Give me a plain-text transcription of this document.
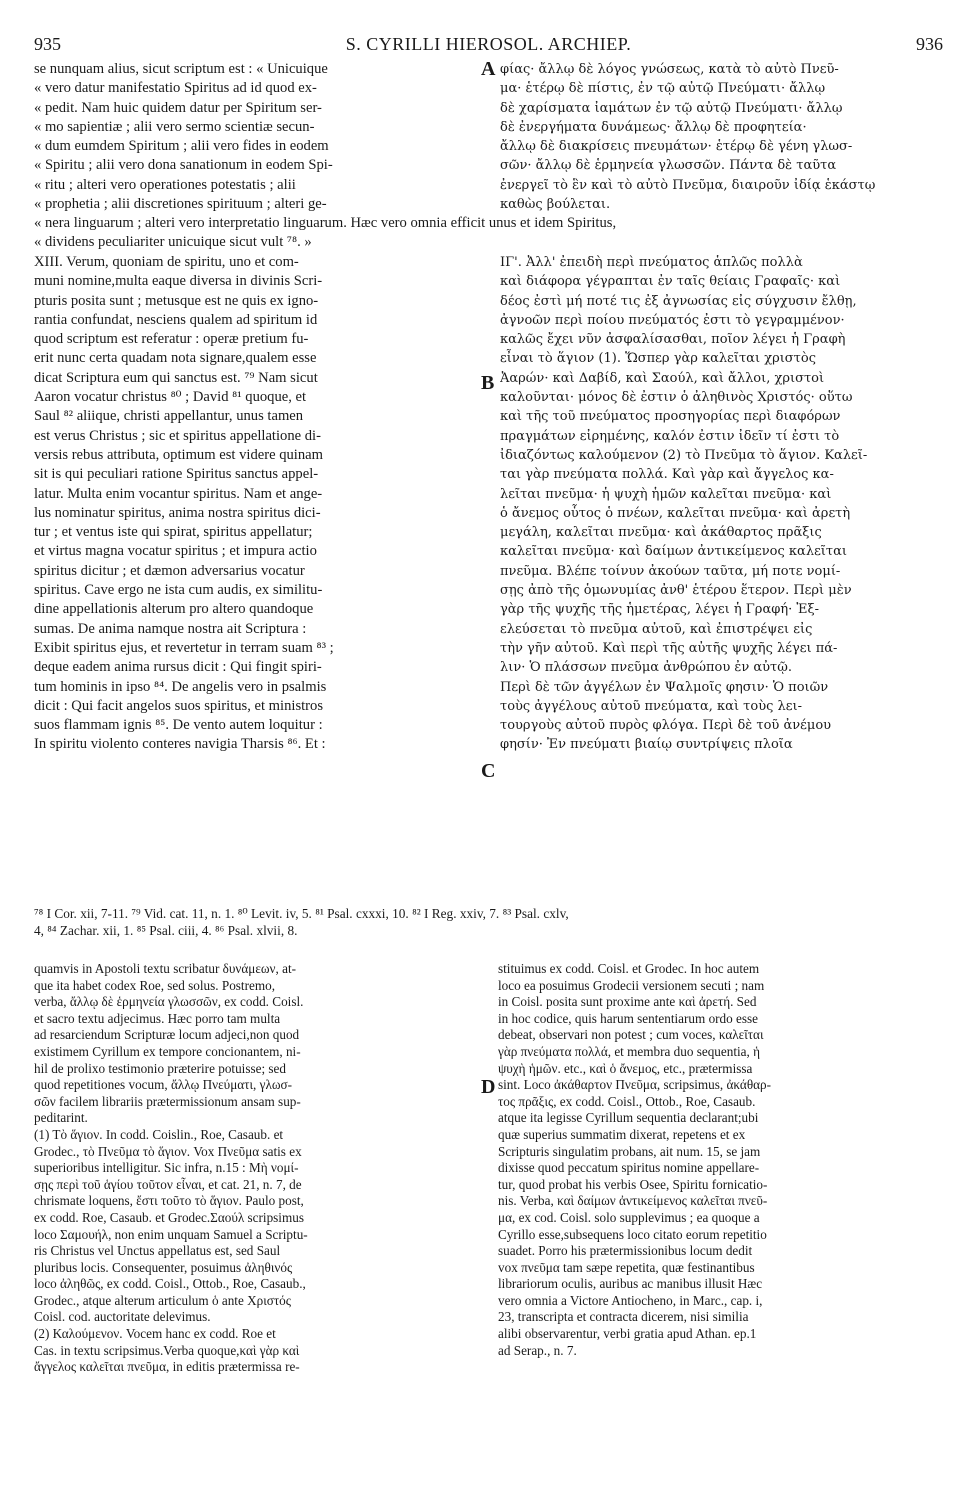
935	S. CYRILLI HIEROSOL. ARCHIEP.	936
A
B
C
D
se nunquam alius, sicut scriptum est : « Unicuique
« vero datur manifestatio Spiritus ad id quod ex-
« pedit. Nam huic quidem datur per Spiritum ser-
« mo sapientiæ ; alii vero sermo scientiæ secun-
« dum eumdem Spiritum ; alii vero fides in eodem
« Spiritu ; alii vero dona sanationum in eodem Spi-
« ritu ; alteri vero operationes potestatis ; alii
« prophetia ; alii discretiones spirituum ; alteri ge-
φίας· ἄλλῳ δὲ λόγος γνώσεως, κατὰ τὸ αὐτὸ Πνεῦ-
μα· ἑτέρῳ δὲ πίστις, ἐν τῷ αὐτῷ Πνεύματι· ἄλλῳ
δὲ χαρίσματα ἰαμάτων ἐν τῷ αὐτῷ Πνεύματι· ἄλλῳ
δὲ ἐνεργήματα δυνάμεως· ἄλλῳ δὲ προφητεία·
ἄλλῳ δὲ διακρίσεις πνευμάτων· ἑτέρῳ δὲ γένη γλωσ-
σῶν· ἄλλῳ δὲ ἑρμηνεία γλωσσῶν. Πάντα δὲ ταῦτα
ἐνεργεῖ τὸ ἓν καὶ τὸ αὐτὸ Πνεῦμα, διαιροῦν ἰδίᾳ ἑκάστῳ
καθὼς βούλεται.
« nera linguarum ; alteri vero interpretatio linguarum. Hæc vero omnia efficit unus et idem Spiritus,
« dividens peculiariter unicuique sicut vult ⁷⁸. »
XIII. Verum, quoniam de spiritu, uno et com-
muni nomine,multa eaque diversa in divinis Scri-
pturis posita sunt ; metusque est ne quis ex igno-
rantia confundat, nesciens qualem ad spiritum id
quod scriptum est referatur : operæ pretium fu-
erit nunc certa quadam nota signare,qualem esse
dicat Scriptura eum qui sanctus est. ⁷⁹ Nam sicut
Aaron vocatur christus ⁸⁰ ; David ⁸¹ quoque, et
Saul ⁸² aliique, christi appellantur, unus tamen
est verus Christus ; sic et spiritus appellatione di-
versis rebus attributa, optimum est videre quinam
sit is qui peculiari ratione Spiritus sanctus appel-
latur. Multa enim vocantur spiritus. Nam et ange-
lus nominatur spiritus, anima nostra spiritus dici-
tur ; et ventus iste qui spirat, spiritus appellatur;
et virtus magna vocatur spiritus ; et impura actio
spiritus dicitur ; et dæmon adversarius vocatur
spiritus. Cave ergo ne ista cum audis, ex similitu-
dine appellationis alterum pro altero quandoque
sumas. De anima namque nostra ait Scriptura :
Exibit spiritus ejus, et revertetur in terram suam ⁸³ ;
deque eadem anima rursus dicit : Qui fingit spiri-
tum hominis in ipso ⁸⁴. De angelis vero in psalmis
dicit : Qui facit angelos suos spiritus, et ministros
suos flammam ignis ⁸⁵. De vento autem loquitur :
In spiritu violento conteres navigia Tharsis ⁸⁶. Et :
ΙΓ'. Ἀλλ' ἐπειδὴ περὶ πνεύματος ἁπλῶς πολλὰ
καὶ διάφορα γέγραπται ἐν ταῖς θείαις Γραφαῖς· καὶ
δέος ἐστὶ μή ποτέ τις ἐξ ἀγνωσίας εἰς σύγχυσιν ἔλθῃ,
ἀγνοῶν περὶ ποίου πνεύματός ἐστι τὸ γεγραμμένον·
καλῶς ἔχει νῦν ἀσφαλίσασθαι, ποῖον λέγει ἡ Γραφὴ
εἶναι τὸ ἅγιον (1). Ὥσπερ γὰρ καλεῖται χριστὸς
Ἀαρών· καὶ Δαβίδ, καὶ Σαούλ, καὶ ἄλλοι, χριστοὶ
καλοῦνται· μόνος δὲ ἐστιν ὁ ἀληθινὸς Χριστός· οὕτω
καὶ τῆς τοῦ πνεύματος προσηγορίας περὶ διαφόρων
πραγμάτων εἰρημένης, καλόν ἐστιν ἰδεῖν τί ἐστι τὸ
ἰδιαζόντως καλούμενον (2) τὸ Πνεῦμα τὸ ἅγιον. Καλεῖ-
ται γὰρ πνεύματα πολλά. Καὶ γὰρ καὶ ἄγγελος κα-
λεῖται πνεῦμα· ἡ ψυχὴ ἡμῶν καλεῖται πνεῦμα· καὶ
ὁ ἄνεμος οὗτος ὁ πνέων, καλεῖται πνεῦμα· καὶ ἀρετὴ
μεγάλη, καλεῖται πνεῦμα· καὶ ἀκάθαρτος πρᾶξις
καλεῖται πνεῦμα· καὶ δαίμων ἀντικείμενος καλεῖται
πνεῦμα. Βλέπε τοίνυν ἀκούων ταῦτα, μή ποτε νομί-
σῃς ἀπὸ τῆς ὁμωνυμίας ἀνθ' ἑτέρου ἕτερον. Περὶ μὲν
γὰρ τῆς ψυχῆς τῆς ἡμετέρας, λέγει ἡ Γραφή· Ἐξ-
ελεύσεται τὸ πνεῦμα αὐτοῦ, καὶ ἐπιστρέψει εἰς
τὴν γῆν αὐτοῦ. Καὶ περὶ τῆς αὐτῆς ψυχῆς λέγει πά-
λιν· Ὁ πλάσσων πνεῦμα ἀνθρώπου ἐν αὐτῷ.
Περὶ δὲ τῶν ἀγγέλων ἐν Ψαλμοῖς φησιν· Ὁ ποιῶν
τοὺς ἀγγέλους αὐτοῦ πνεύματα, καὶ τοὺς λει-
τουργοὺς αὐτοῦ πυρὸς φλόγα. Περὶ δὲ τοῦ ἀνέμου
φησίν· Ἐν πνεύματι βιαίῳ συντρίψεις πλοῖα
⁷⁸ I Cor. xii, 7-11. ⁷⁹ Vid. cat. 11, n. 1. ⁸⁰ Levit. iv, 5. ⁸¹ Psal. cxxxi, 10. ⁸² I Reg. xxiv, 7. ⁸³ Psal. cxlv,
4, ⁸⁴ Zachar. xii, 1. ⁸⁵ Psal. ciii, 4. ⁸⁶ Psal. xlvii, 8.
quamvis in Apostoli textu scribatur δυνάμεων, at-
que ita habet codex Roe, sed solus. Postremo,
verba, ἄλλῳ δὲ ἑρμηνεία γλωσσῶν, ex codd. Coisl.
et sacro textu adjecimus. Hæc porro tam multa
ad resarciendum Scripturæ locum adjeci,non quod
existimem Cyrillum ex tempore concionantem, ni-
hil de prolixo testimonio præterire potuisse; sed
quod repetitiones vocum, ἄλλῳ Πνεύματι, γλωσ-
σῶν facilem librariis prætermissionum ansam sup-
peditarint.
(1) Τὸ ἅγιον. In codd. Coislin., Roe, Casaub. et
Grodec., τὸ Πνεῦμα τὸ ἅγιον. Vox Πνεῦμα satis ex
superioribus intelligitur. Sic infra, n.15 : Μὴ νομί-
σῃς περὶ τοῦ ἁγίου τοῦτον εἶναι, et cat. 21, n. 7, de
chrismate loquens, ἔστι τοῦτο τὸ ἅγιον. Paulo post,
ex codd. Roe, Casaub. et Grodec.Σαούλ scripsimus
loco Σαμουήλ, non enim unquam Samuel a Scriptu-
ris Christus vel Unctus appellatus est, sed Saul
pluribus locis. Consequenter, posuimus ἀληθινός
loco ἀληθῶς, ex codd. Coisl., Ottob., Roe, Casaub.,
Grodec., atque alterum articulum ὁ ante Χριστός
Coisl. cod. auctoritate delevimus.
(2) Καλούμενον. Vocem hanc ex codd. Roe et
Cas. in textu scripsimus.Verba quoque,καὶ γὰρ καὶ
ἄγγελος καλεῖται πνεῦμα, in editis prætermissa re-
stituimus ex codd. Coisl. et Grodec. In hoc autem
loco ea posuimus Grodecii versionem secuti ; nam
in Coisl. posita sunt proxime ante καὶ ἀρετή. Sed
in hoc codice, quis harum sententiarum ordo esse
debeat, observari non potest ; cum voces, καλεῖται
γὰρ πνεύματα πολλά, et membra duo sequentia, ἡ
ψυχὴ ἡμῶν. etc., καὶ ὁ ἄνεμος, etc., prætermissa
sint. Loco ἀκάθαρτον Πνεῦμα, scripsimus, ἀκάθαρ-
τος πρᾶξις, ex codd. Coisl., Ottob., Roe, Casaub.
atque ita legisse Cyrillum sequentia declarant;ubi
quæ superius summatim dixerat, repetens et ex
Scripturis singulatim probans, ait num. 15, se jam
dixisse quod peccatum spiritus nomine appellare-
tur, quod probat his verbis Osee, Spiritu fornicatio-
nis. Verba, καὶ δαίμων ἀντικείμενος καλεῖται πνεῦ-
μα, ex cod. Coisl. solo supplevimus ; ea quoque a
Cyrillo esse,subsequens loco citato eorum repetitio
suadet. Porro his prætermissionibus locum dedit
vox πνεῦμα tam sæpe repetita, quæ festinantibus
librariorum oculis, auribus ac manibus illusit Hæc
vero omnia a Victore Antiocheno, in Marc., cap. i,
23, transcripta et contracta dicerem, nisi similia
alibi observarentur, verbi gratia apud Athan. ep.1
ad Serap., n. 7.
